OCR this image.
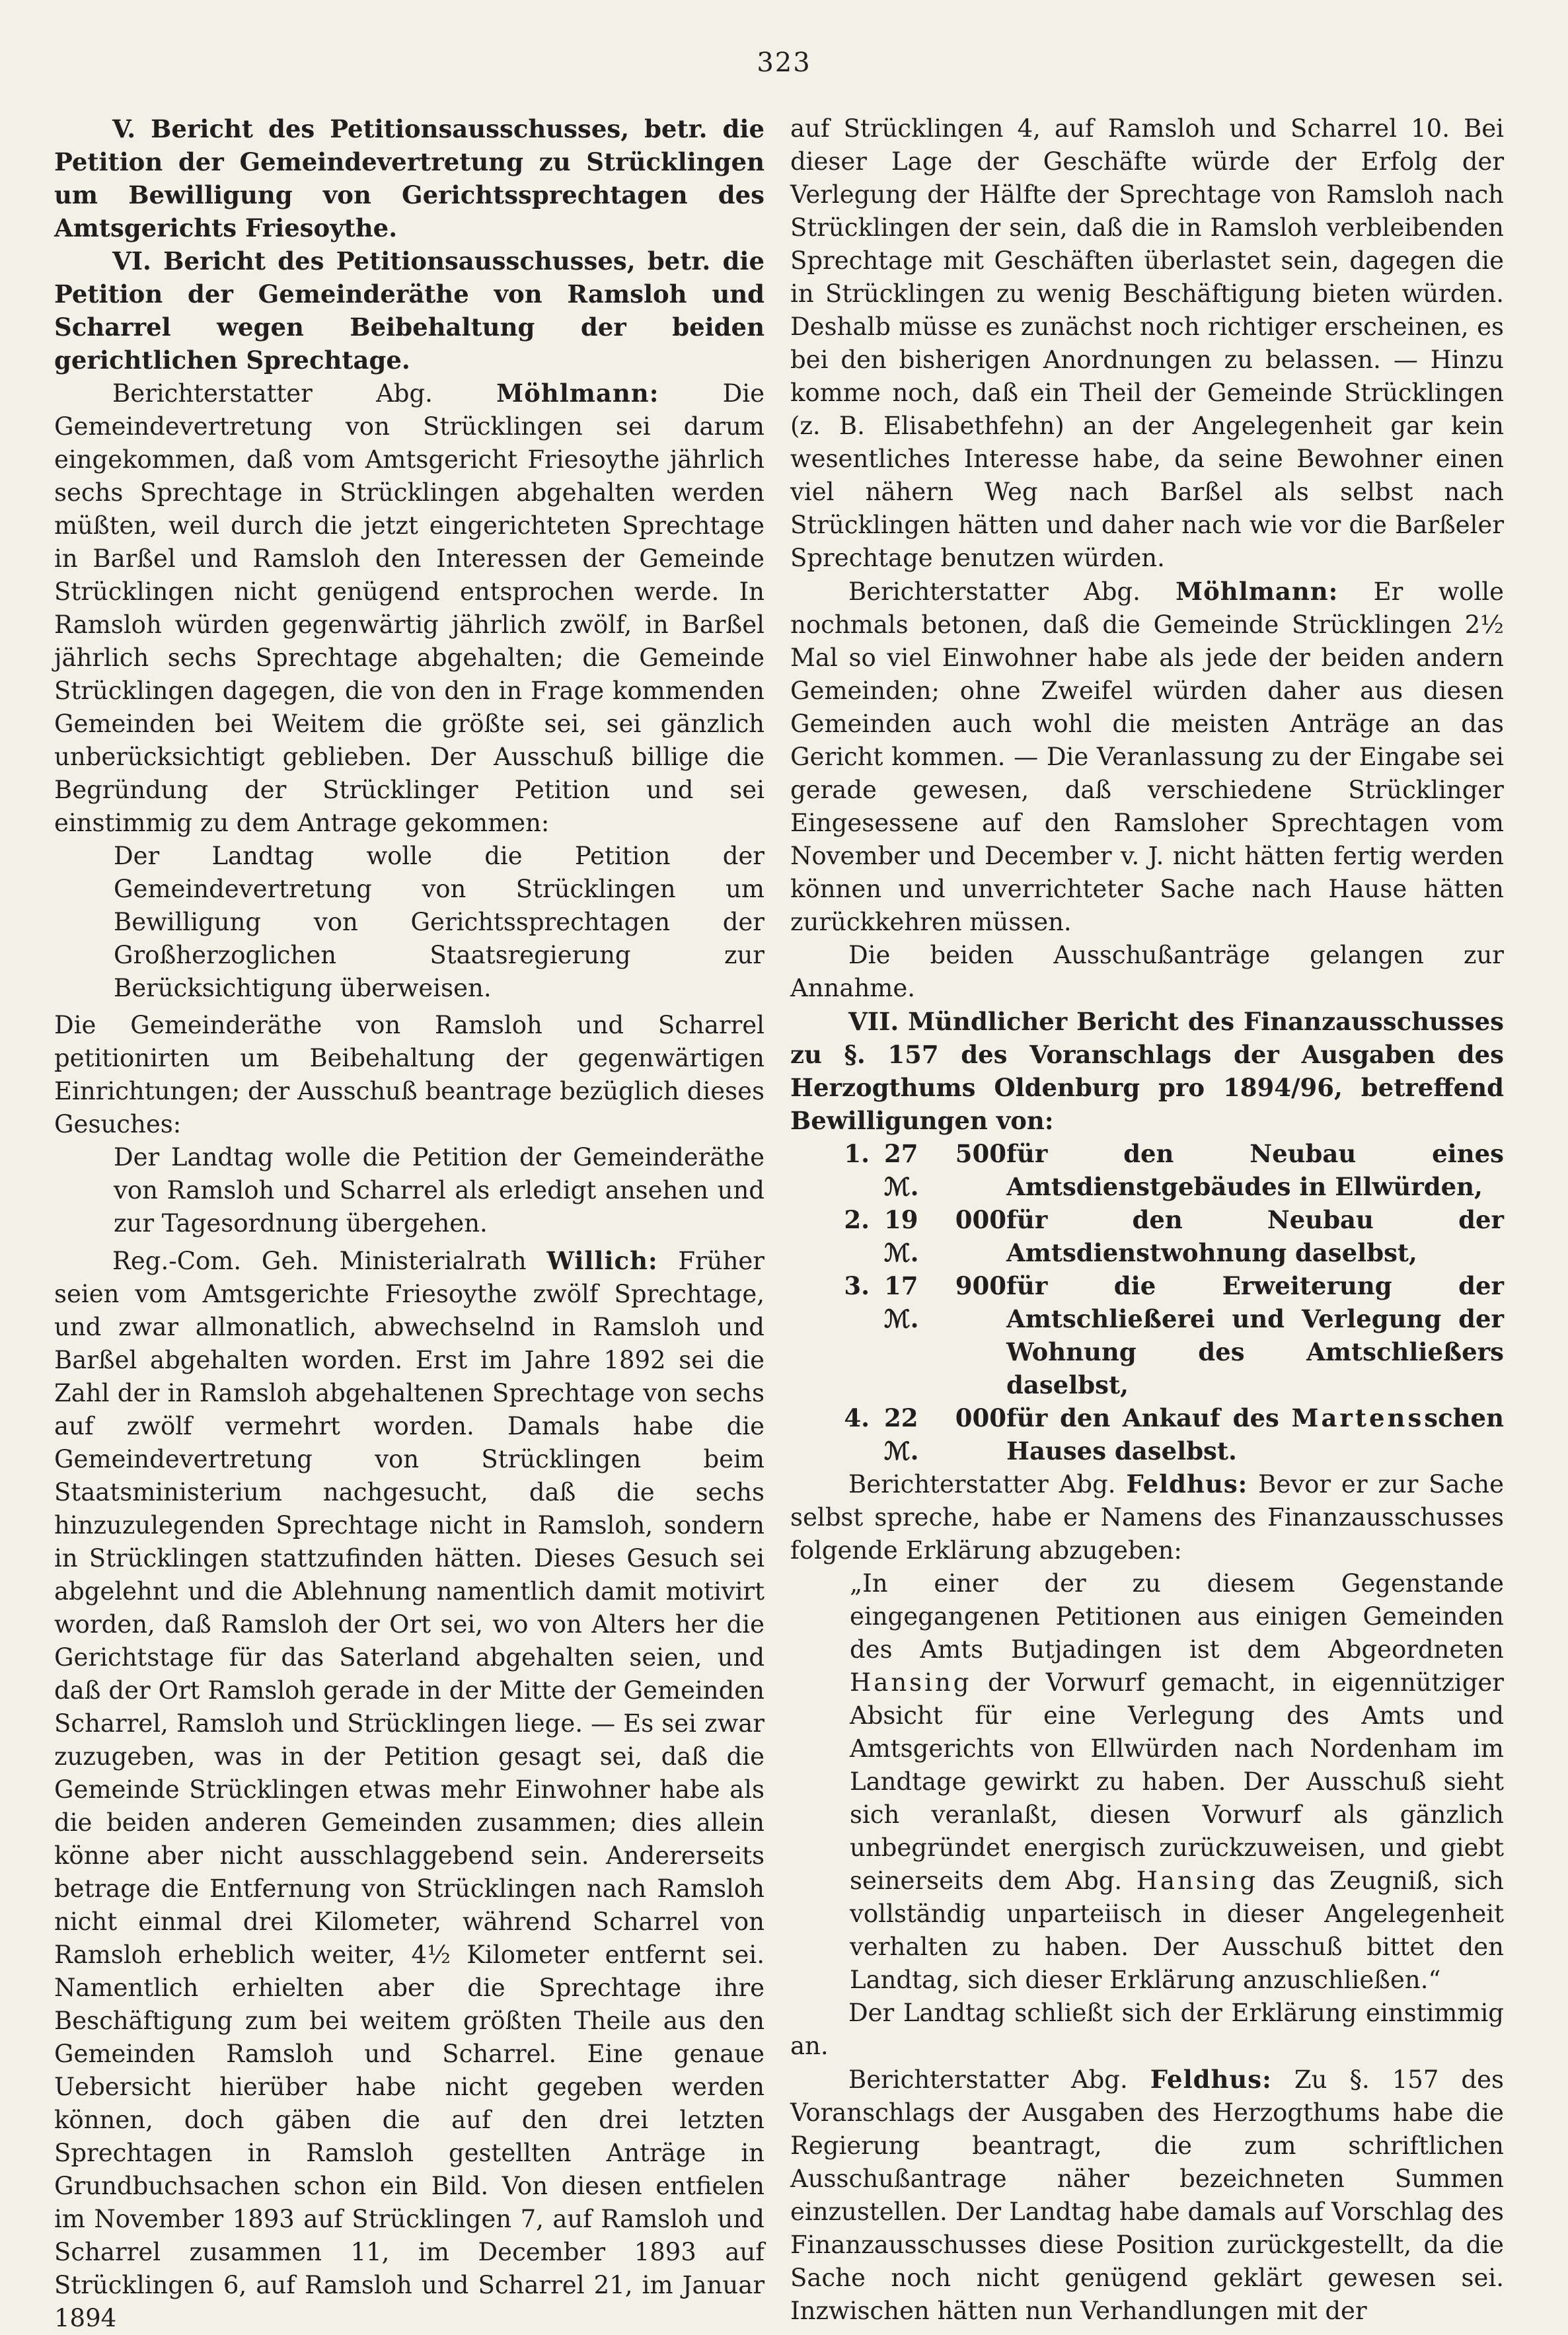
323

V. Bericht des Petitionsausschusses, betr. die Petition der Gemeindevertretung zu Strücklingen um Bewilligung von Gerichtssprechtagen des Amtsgerichts Friesoythe.

VI. Bericht des Petitionsausschusses, betr. die Petition der Gemeinderäthe von Ramsloh und Scharrel wegen Beibehaltung der beiden gerichtlichen Sprechtage.

Berichterstatter Abg.	Möhlmann:	Die Gemeindevertretung von Strücklingen sei darum eingekommen, daß vom Amtsgericht Friesoythe jährlich sechs Sprechtage in Strücklingen abgehalten werden müßten, weil durch die jetzt eingerichteten Sprechtage in Barßel und Ramsloh den Interessen der Gemeinde Strücklingen nicht genügend entsprochen werde. In Ramsloh würden gegenwärtig jährlich zwölf, in Barßel jährlich sechs Sprechtage abgehalten; die Gemeinde Strücklingen dagegen, die von den in Frage kommenden Gemeinden bei Weitem die größte sei, sei gänzlich unberücksichtigt geblieben. Der Ausschuß billige die Begründung der Strücklinger Petition und sei einstimmig zu dem Antrage gekommen:

Der Landtag wolle die Petition der Gemeindevertretung von Strücklingen um Bewilligung von Gerichtssprechtagen der Großherzoglichen Staatsregierung zur Berücksichtigung überweisen.

Die Gemeinderäthe von Ramsloh und Scharrel petitionirten um Beibehaltung der gegenwärtigen Einrichtungen; der Ausschuß beantrage bezüglich dieses Gesuches:

Der Landtag wolle die Petition der Gemeinderäthe von Ramsloh und Scharrel als erledigt ansehen und zur Tagesordnung übergehen.

Reg.-Com. Geh. Ministerialrath Willich: Früher seien vom Amtsgerichte Friesoythe zwölf Sprechtage, und zwar allmonatlich, abwechselnd in Ramsloh und Barßel abgehalten worden. Erst im Jahre 1892 sei die Zahl der in Ramsloh abgehaltenen Sprechtage von sechs auf zwölf vermehrt worden. Damals habe die Gemeindevertretung von Strücklingen beim Staatsministerium nachgesucht, daß die sechs hinzuzulegenden Sprechtage nicht in Ramsloh, sondern in Strücklingen stattzufinden hätten. Dieses Gesuch sei abgelehnt und die Ablehnung namentlich damit motivirt worden, daß Ramsloh der Ort sei, wo von Alters her die Gerichtstage für das Saterland abgehalten seien, und daß der Ort Ramsloh gerade in der Mitte der Gemeinden Scharrel, Ramsloh und Strücklingen liege. — Es sei zwar zuzugeben, was in der Petition gesagt sei, daß die Gemeinde Strücklingen etwas mehr Einwohner habe als die beiden anderen Gemeinden zusammen; dies allein könne aber nicht ausschlaggebend sein. Andererseits betrage die Entfernung von Strücklingen nach Ramsloh nicht einmal drei Kilometer, während Scharrel von Ramsloh erheblich weiter, 4½ Kilometer entfernt sei. Namentlich erhielten aber die Sprechtage ihre Beschäftigung zum bei weitem größten Theile aus den Gemeinden Ramsloh und Scharrel. Eine genaue Uebersicht hierüber habe nicht gegeben werden können, doch gäben die auf den drei letzten Sprechtagen in Ramsloh gestellten Anträge in Grundbuchsachen schon ein Bild. Von diesen entfielen im November 1893 auf Strücklingen 7, auf Ramsloh und Scharrel zusammen 11, im December 1893 auf Strücklingen 6, auf Ramsloh und Scharrel 21, im Januar 1894

auf Strücklingen 4, auf Ramsloh und Scharrel 10. Bei dieser Lage der Geschäfte würde der Erfolg der Verlegung der Hälfte der Sprechtage von Ramsloh nach Strücklingen der sein, daß die in Ramsloh verbleibenden Sprechtage mit Geschäften überlastet sein, dagegen die in Strücklingen zu wenig Beschäftigung bieten würden. Deshalb müsse es zunächst noch richtiger erscheinen, es bei den bisherigen Anordnungen zu belassen. — Hinzu komme noch, daß ein Theil der Gemeinde Strücklingen (z. B. Elisabethfehn) an der Angelegenheit gar kein wesentliches Interesse habe, da seine Bewohner einen viel nähern Weg nach Barßel als selbst nach Strücklingen hätten und daher nach wie vor die Barßeler Sprechtage benutzen würden.

Berichterstatter Abg. Möhlmann: Er wolle nochmals betonen, daß die Gemeinde Strücklingen 2½ Mal so viel Einwohner habe als jede der beiden andern Gemeinden; ohne Zweifel würden daher aus diesen Gemeinden auch wohl die meisten Anträge an das Gericht kommen. — Die Veranlassung zu der Eingabe sei gerade gewesen, daß verschiedene Strücklinger Eingesessene auf den Ramsloher Sprechtagen vom November und December v. J. nicht hätten fertig werden können und unverrichteter Sache nach Hause hätten zurückkehren müssen.

Die beiden Ausschußanträge gelangen zur Annahme.

VII. Mündlicher Bericht des Finanzausschusses zu §. 157 des Voranschlags der Ausgaben des Herzogthums Oldenburg pro 1894/96, betreffend Bewilligungen von:

1. 27 500 ℳ.
für den Neubau eines Amtsdienstgebäudes in Ellwürden,
2. 19 000 ℳ.
für den Neubau der Amtsdienstwohnung daselbst,
3. 17 900 ℳ.
für die Erweiterung der Amtschließerei und Verlegung der Wohnung des Amtschließers daselbst,
4. 22 000 ℳ.
für den Ankauf des Martensschen Hauses daselbst.

Berichterstatter Abg. Feldhus: Bevor er zur Sache selbst spreche, habe er Namens des Finanzausschusses folgende Erklärung abzugeben:

„In einer der zu diesem Gegenstande eingegangenen Petitionen aus einigen Gemeinden des Amts Butjadingen ist dem Abgeordneten Hansing der Vorwurf gemacht, in eigennütziger Absicht für eine Verlegung des Amts und Amtsgerichts von Ellwürden nach Nordenham im Landtage gewirkt zu haben. Der Ausschuß sieht sich veranlaßt, diesen Vorwurf als gänzlich unbegründet energisch zurückzuweisen, und giebt seinerseits dem Abg. Hansing das Zeugniß, sich vollständig unparteiisch in dieser Angelegenheit verhalten zu haben. Der Ausschuß bittet den Landtag, sich dieser Erklärung anzuschließen.“

Der Landtag schließt sich der Erklärung einstimmig an.

Berichterstatter Abg. Feldhus: Zu §. 157 des Voranschlags der Ausgaben des Herzogthums habe die Regierung beantragt, die zum schriftlichen Ausschußantrage näher bezeichneten Summen einzustellen. Der Landtag habe damals auf Vorschlag des Finanzausschusses diese Position zurückgestellt, da die Sache noch nicht genügend geklärt gewesen sei. Inzwischen hätten nun Verhandlungen mit der
